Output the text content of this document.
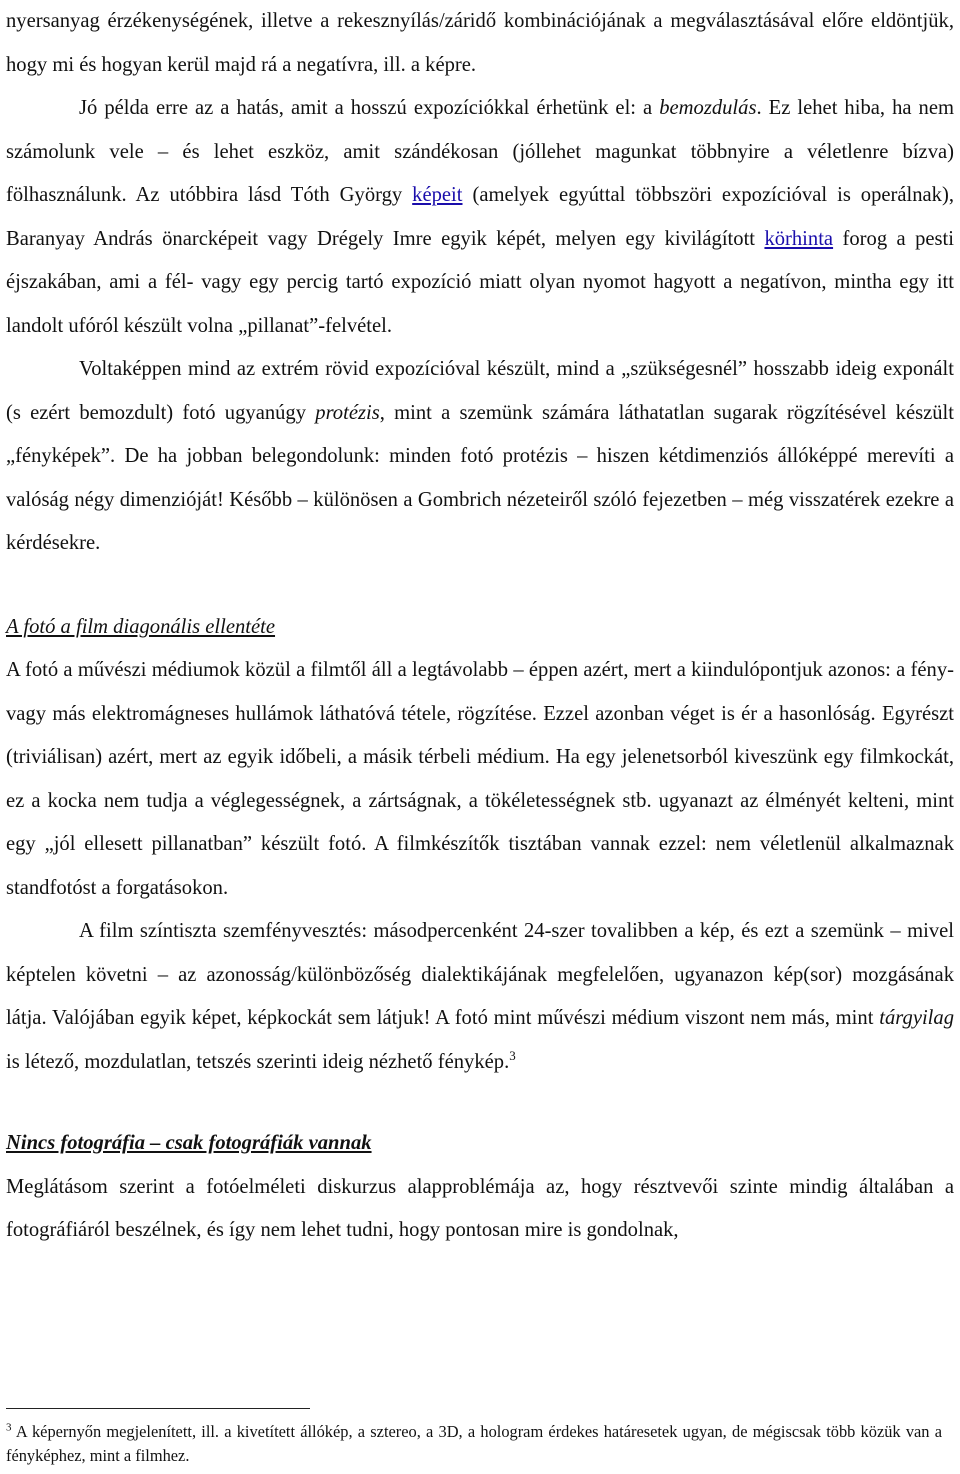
nyersanyag érzékenységének, illetve a rekesznyílás/záridő kombinációjának a megválasztásával előre eldöntjük, hogy mi és hogyan kerül majd rá a negatívra, ill. a képre.

Jó példa erre az a hatás, amit a hosszú expozíciókkal érhetünk el: a bemozdulás. Ez lehet hiba, ha nem számolunk vele – és lehet eszköz, amit szándékosan (jóllehet magunkat többnyire a véletlenre bízva) fölhasználunk. Az utóbbira lásd Tóth György képeit (amelyek egyúttal többszöri expozícióval is operálnak), Baranyay András önarcképeit vagy Drégely Imre egyik képét, melyen egy kivilágított körhinta forog a pesti éjszakában, ami a fél- vagy egy percig tartó expozíció miatt olyan nyomot hagyott a negatívon, mintha egy itt landolt ufóról készült volna „pillanat”-felvétel.

Voltaképpen mind az extrém rövid expozícióval készült, mind a „szükségesnél” hosszabb ideig exponált (s ezért bemozdult) fotó ugyanúgy protézis, mint a szemünk számára láthatatlan sugarak rögzítésével készült „fényképek”. De ha jobban belegondolunk: minden fotó protézis – hiszen kétdimenziós állóképpé merevíti a valóság négy dimenzióját! Később – különösen a Gombrich nézeteiről szóló fejezetben – még visszatérek ezekre a kérdésekre.

A fotó a film diagonális ellentéte

A fotó a művészi médiumok közül a filmtől áll a legtávolabb – éppen azért, mert a kiindulópontjuk azonos: a fény- vagy más elektromágneses hullámok láthatóvá tétele, rögzítése. Ezzel azonban véget is ér a hasonlóság. Egyrészt (triviálisan) azért, mert az egyik időbeli, a másik térbeli médium. Ha egy jelenetsorból kiveszünk egy filmkockát, ez a kocka nem tudja a véglegességnek, a zártságnak, a tökéletességnek stb. ugyanazt az élményét kelteni, mint egy „jól ellesett pillanatban” készült fotó. A filmkészítők tisztában vannak ezzel: nem véletlenül alkalmaznak standfotóst a forgatásokon.

A film színtiszta szemfényvesztés: másodpercenként 24-szer tovalibben a kép, és ezt a szemünk – mivel képtelen követni – az azonosság/különbözőség dialektikájának megfelelően, ugyanazon kép(sor) mozgásának látja. Valójában egyik képet, képkockát sem látjuk! A fotó mint művészi médium viszont nem más, mint tárgyilag is létező, mozdulatlan, tetszés szerinti ideig nézhető fénykép.$^3$

Nincs fotográfia – csak fotográfiák vannak

Meglátásom szerint a fotóelméleti diskurzus alapproblémája az, hogy résztvevői szinte mindig általában a fotográfiáról beszélnek, és így nem lehet tudni, hogy pontosan mire is gondolnak,

$^3$ A képernyőn megjelenített, ill. a kivetített állókép, a sztereo, a 3D, a hologram érdekes határesetek ugyan, de mégiscsak több közük van a fényképhez, mint a filmhez.
